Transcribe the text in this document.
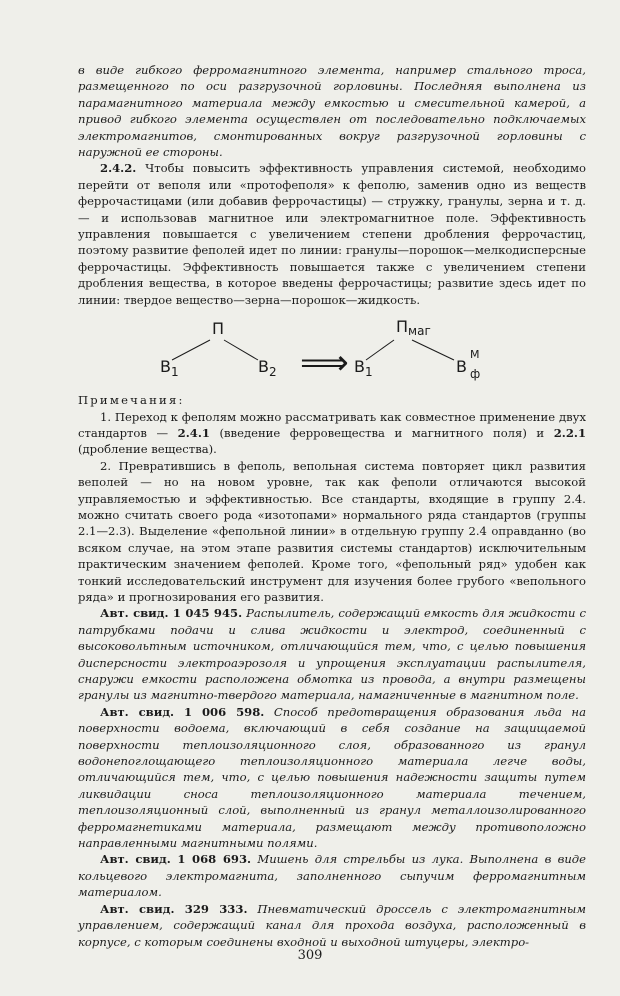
в виде гибкого ферромагнитного элемента, например стального троса, размещенного по оси разгрузочной горловины. Последняя выполнена из парамагнитного материала между емкостью и смесительной камерой, а привод гибкого элемента осуществлен от последовательно подключаемых электромагнитов, смонтированных вокруг разгрузочной горловины с наружной ее стороны.

2.4.2. Чтобы повысить эффективность управления системой, необходимо перейти от веполя или «протофеполя» к феполю, заменив одно из веществ феррочастицами (или добавив феррочастицы) — стружку, гранулы, зерна и т. д. — и использовав магнитное или электромагнитное поле. Эффективность управления повышается с увеличением степени дробления феррочастиц, поэтому развитие феполей идет по линии: гранулы—порошок—мелкодисперсные феррочастицы. Эффективность повышается также с увеличением степени дробления вещества, в которое введены феррочастицы; развитие здесь идет по линии: твердое вещество—зерна—порошок—жидкость.

П
$В_1$	$В_2$ ⟹
Пмаг
$В_1$	В
М
ф

Примечания:

1. Переход к феполям можно рассматривать как совместное применение двух стандартов — 2.4.1 (введение ферровещества и магнитного поля) и 2.2.1 (дробление вещества).

2. Превратившись в феполь, вепольная система повторяет цикл развития веполей — но на новом уровне, так как феполи отличаются высокой управляемостью и эффективностью. Все стандарты, входящие в группу 2.4. можно считать своего рода «изотопами» нормального ряда стандартов (группы 2.1—2.3). Выделение «фепольной линии» в отдельную группу 2.4 оправданно (во всяком случае, на этом этапе развития системы стандартов) исключительным практическим значением феполей. Кроме того, «фепольный ряд» удобен как тонкий исследовательский инструмент для изучения более грубого «вепольного ряда» и прогнозирования его развития.

Авт. свид. 1 045 945. Распылитель, содержащий емкость для жидкости с патрубками подачи и слива жидкости и электрод, соединенный с высоковольтным источником, отличающийся тем, что, с целью повышения дисперсности электроаэрозоля и упрощения эксплуатации распылителя, снаружи емкости расположена обмотка из провода, а внутри размещены гранулы из магнитно-твердого материала, намагниченные в магнитном поле.

Авт. свид. 1 006 598. Способ предотвращения образования льда на поверхности водоема, включающий в себя создание на защищаемой поверхности теплоизоляционного слоя, образованного из гранул водонепоглощающего теплоизоляционного материала легче воды, отличающийся тем, что, с целью повышения надежности защиты путем ликвидации сноса теплоизоляционного материала течением, теплоизоляционный слой, выполненный из гранул металлоизолированного ферромагнетиками материала, размещают между противоположно направленными магнитными полями.

Авт. свид. 1 068 693. Мишень для стрельбы из лука. Выполнена в виде кольцевого электромагнита, заполненного сыпучим ферромагнитным материалом.

Авт. свид. 329 333. Пневматический дроссель с электромагнитным управлением, содержащий канал для прохода воздуха, расположенный в корпусе, с которым соединены входной и выходной штуцеры, электро-

309
